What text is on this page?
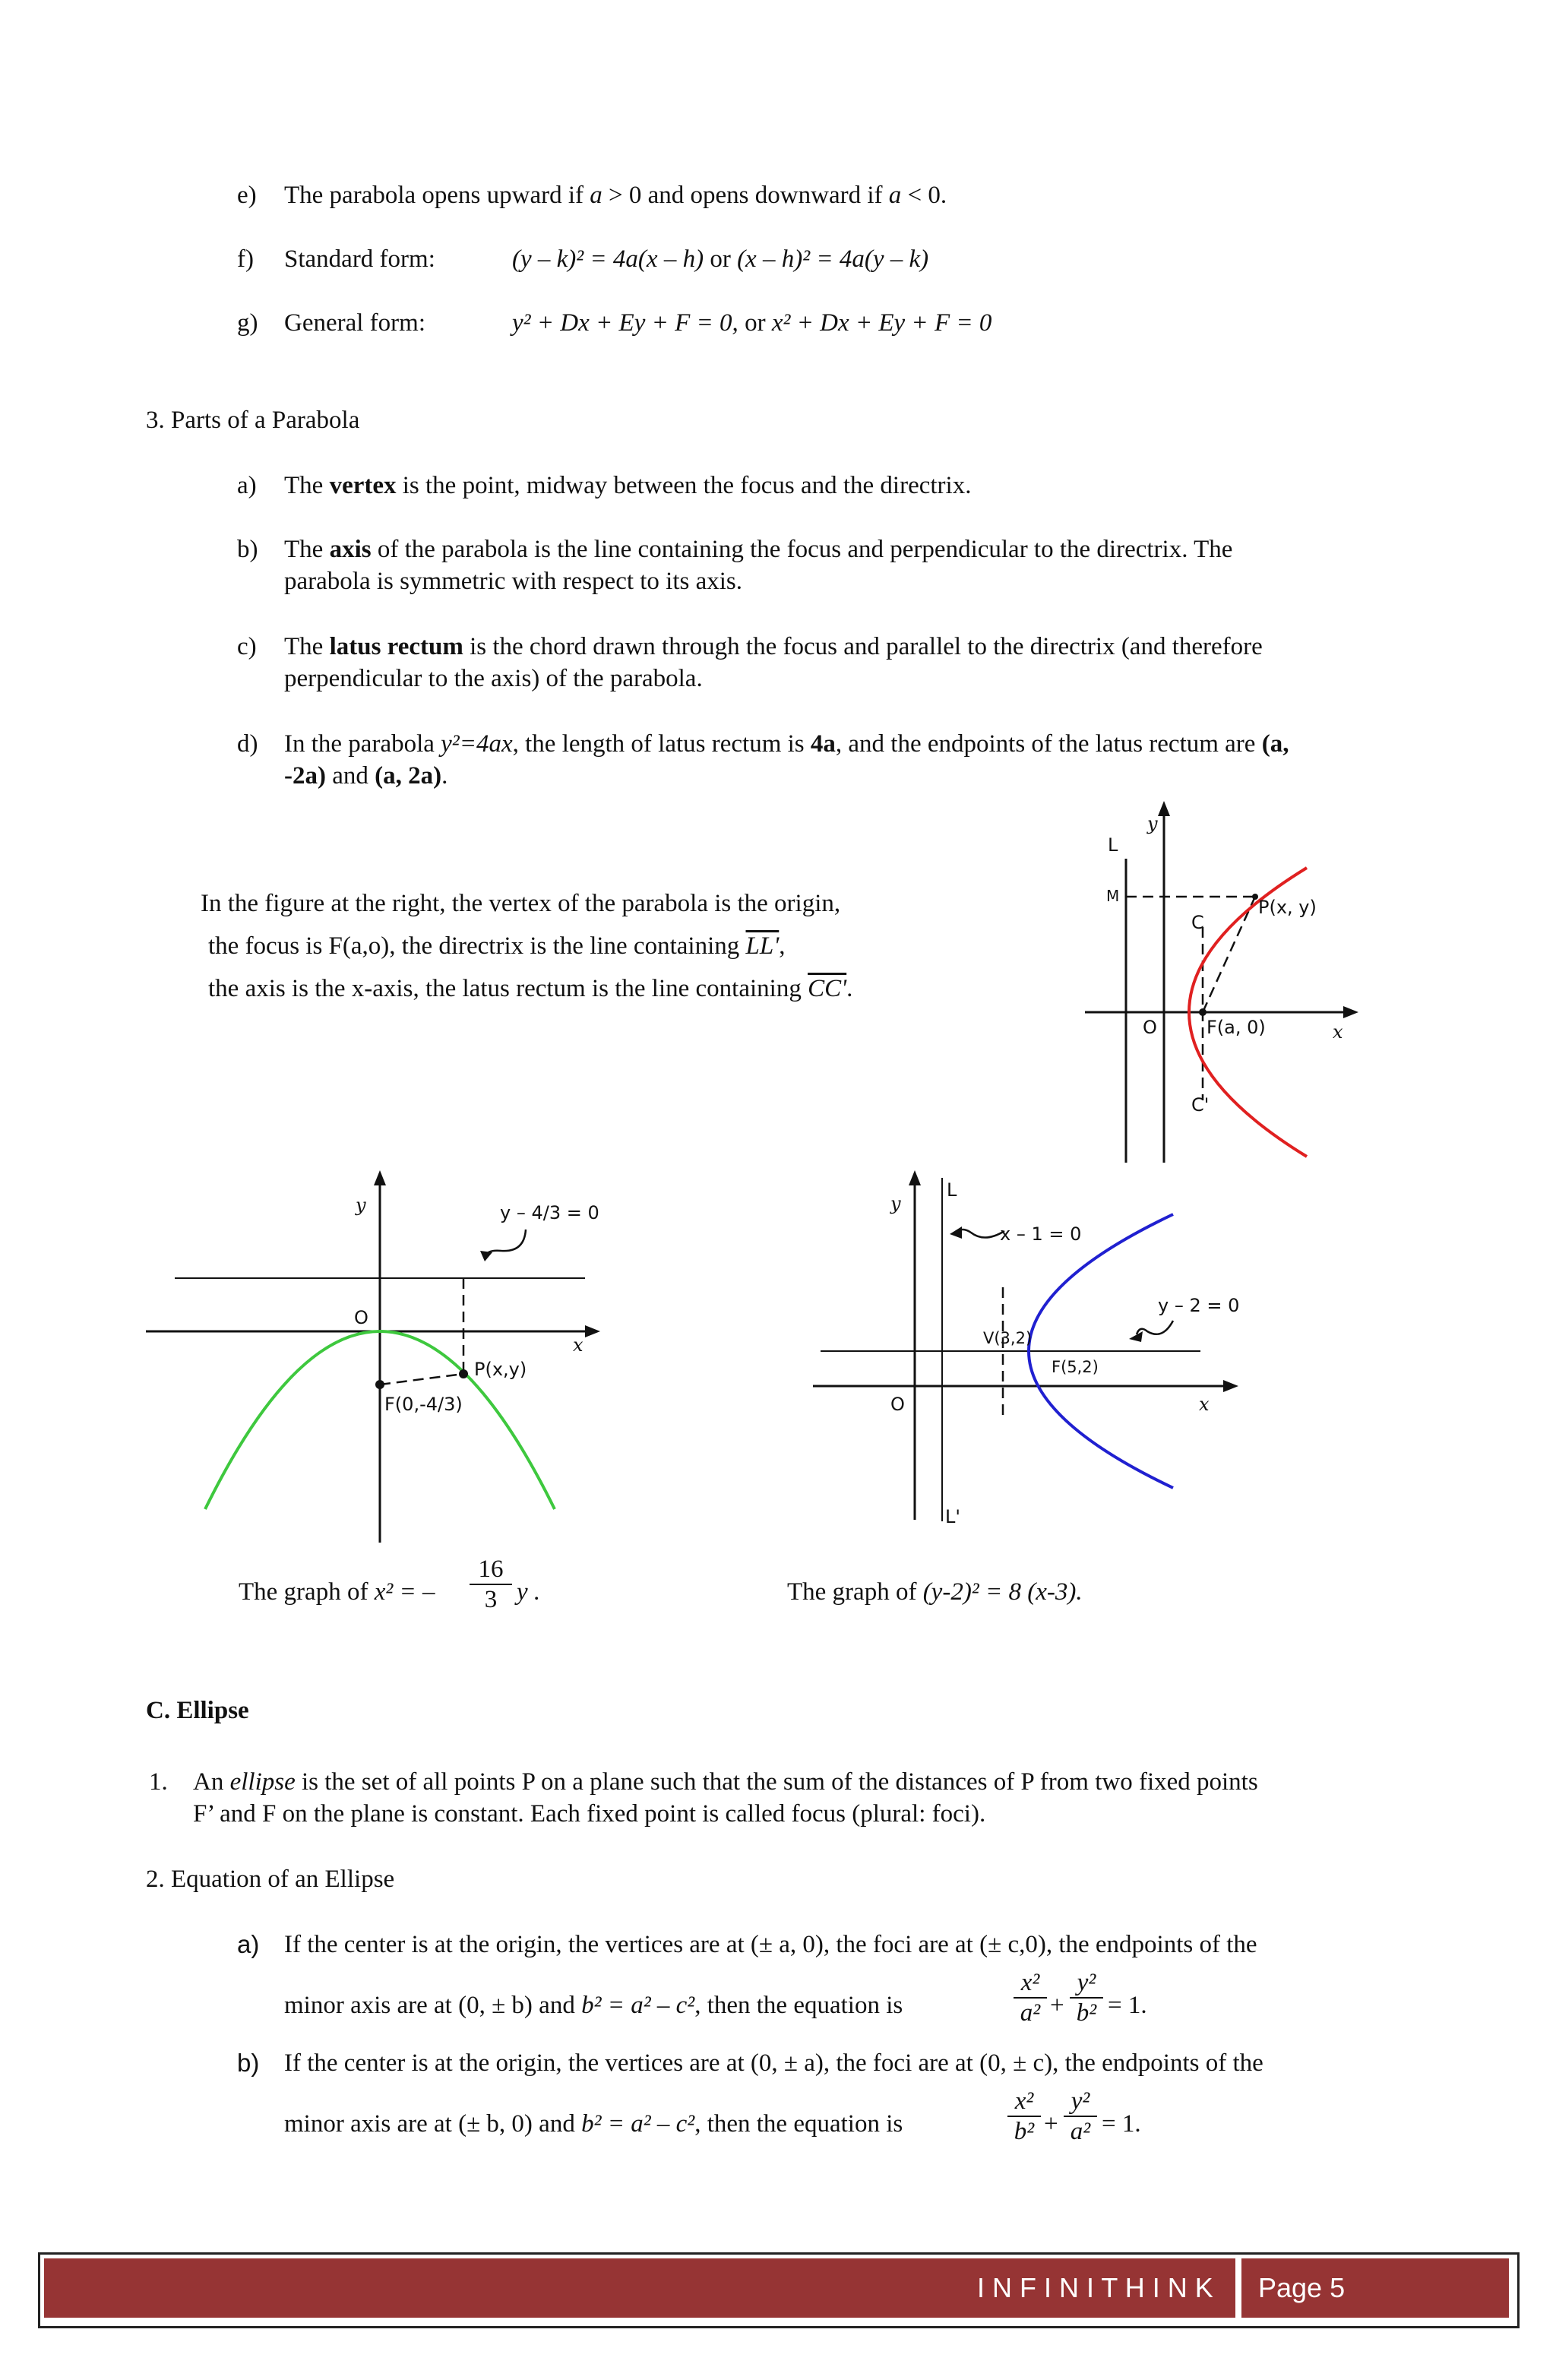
e) The parabola opens upward if a > 0 and opens downward if a < 0.
f) Standard form:	(y – k)² = 4a(x – h) or (x – h)² = 4a(y – k)
g) General form:	y² + Dx + Ey + F = 0, or x² + Dx + Ey + F = 0
3. Parts of a Parabola
a) The vertex is the point, midway between the focus and the directrix.
b) The axis of the parabola is the line containing the focus and perpendicular to the directrix. The
parabola is symmetric with respect to its axis.
c) The latus rectum is the chord drawn through the focus and parallel to the directrix (and therefore
perpendicular to the axis) of the parabola.
d) In the parabola y²=4ax, the length of latus rectum is 4a, and the endpoints of the latus rectum are (a,
-2a) and (a, 2a).
In the figure at the right, the vertex of the parabola is the origin,
the focus is F(a,o), the directrix is the line containing LL',
the axis is the x-axis, the latus rectum is the line containing CC'.
y
L
M
C
P(x, y)
O	F(a, 0)	x
C'
y	y – 4/3 = 0
O
x
P(x,y)
F(0,-4/3)
y
L
x – 1 = 0
y – 2 = 0
V(3,2)
F(5,2)
O	x
L'
The graph of x² = – $\frac{16}{3}$ y .	The graph of (y-2)² = 8 (x-3).
C. Ellipse
1. An ellipse is the set of all points P on a plane such that the sum of the distances of P from two fixed points
F’ and F on the plane is constant. Each fixed point is called focus (plural: foci).
2. Equation of an Ellipse
a) If the center is at the origin, the vertices are at (± a, 0), the foci are at (± c,0), the endpoints of the
minor axis are at (0, ± b) and b² = a² – c², then the equation is	$\frac{\text{x²}}{\text{a²}} + \frac{\text{y²}}{\text{b²}} = 1$.
b) If the center is at the origin, the vertices are at (0, ± a), the foci are at (0, ± c), the endpoints of the
minor axis are at (± b, 0) and b² = a² – c², then the equation is	$\frac{\text{x²}}{\text{b²}} + \frac{\text{y²}}{\text{a²}} = 1$.
I N F I N I T H I N K Page 5
